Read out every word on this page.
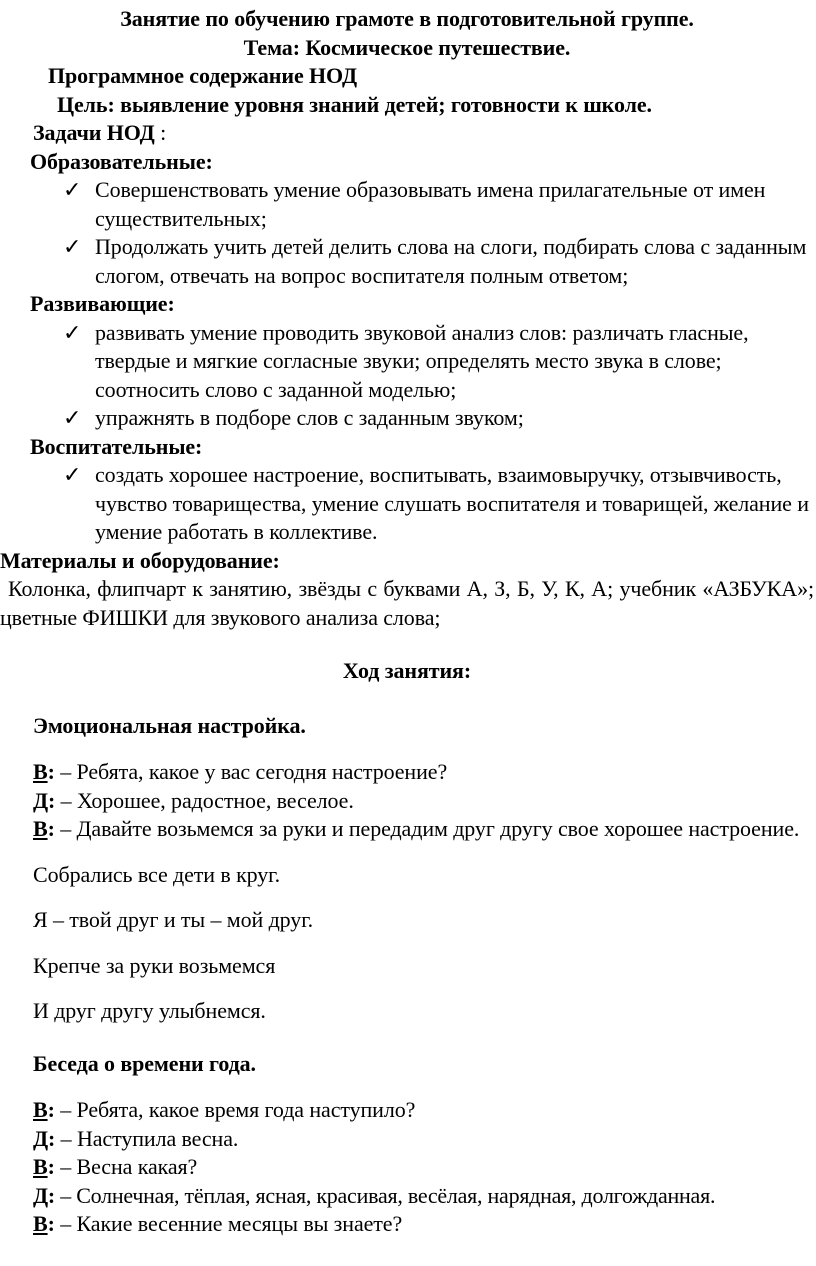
Занятие по обучению грамоте в подготовительной группе.

Тема: Космическое путешествие.

Программное содержание НОД

Цель: выявление уровня знаний детей; готовности к школе.

Задачи НОД :

Образовательные:

✓ Совершенствовать умение образовывать имена прилагательные от имен существительных;
✓ Продолжать учить детей делить слова на слоги, подбирать слова с заданным слогом, отвечать на вопрос воспитателя полным ответом;

Развивающие:

✓ развивать умение проводить звуковой анализ слов: различать гласные, твердые и мягкие согласные звуки; определять место звука в слове; соотносить слово с заданной моделью;
✓ упражнять в подборе слов с заданным звуком;

Воспитательные:

✓ создать хорошее настроение, воспитывать, взаимовыручку, отзывчивость, чувство товарищества, умение слушать воспитателя и товарищей, желание и умение работать в коллективе.

Материалы и оборудование:

Колонка, флипчарт к занятию, звёзды с буквами А, З, Б, У, К, А; учебник «АЗБУКА»; цветные ФИШКИ для звукового анализа слова;

Ход занятия:

Эмоциональная настройка.

В: – Ребята, какое у вас сегодня настроение?

Д: – Хорошее, радостное, веселое.

В: – Давайте возьмемся за руки и передадим друг другу свое хорошее настроение.

Собрались все дети в круг.

Я – твой друг и ты – мой друг.

Крепче за руки возьмемся

И друг другу улыбнемся.

Беседа о времени года.

В: – Ребята, какое время года наступило?

Д: – Наступила весна.

В: – Весна какая?

Д: – Солнечная, тёплая, ясная, красивая, весёлая, нарядная, долгожданная.

В: – Какие весенние месяцы вы знаете?
